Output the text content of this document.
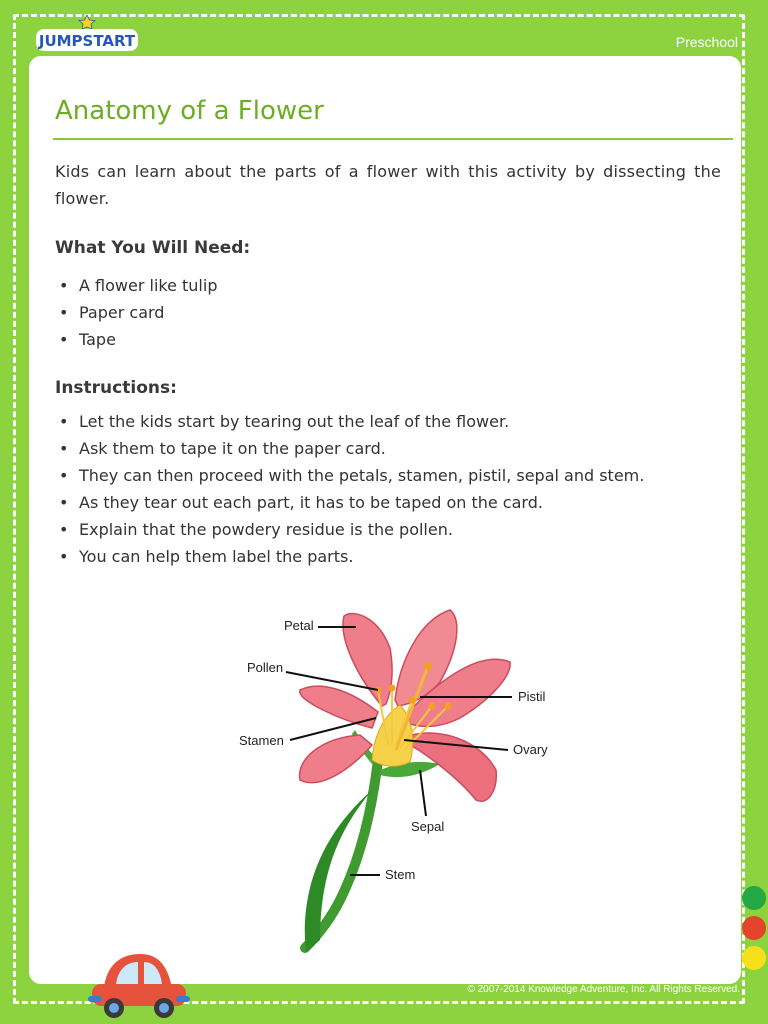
JUMPSTART	Preschool
Anatomy of a Flower

Kids can learn about the parts of a flower with this activity by dissecting the flower.

What You Will Need:
• A flower like tulip
• Paper card
• Tape
Instructions:
• Let the kids start by tearing out the leaf of the flower.
• Ask them to tape it on the paper card.
• They can then proceed with the petals, stamen, pistil, sepal and stem.
• As they tear out each part, it has to be taped on the card.
• Explain that the powdery residue is the pollen.
• You can help them label the parts.
Petal
Pollen
Stamen
Pistil
Ovary
Sepal
Stem
© 2007-2014 Knowledge Adventure, Inc. All Rights Reserved.
